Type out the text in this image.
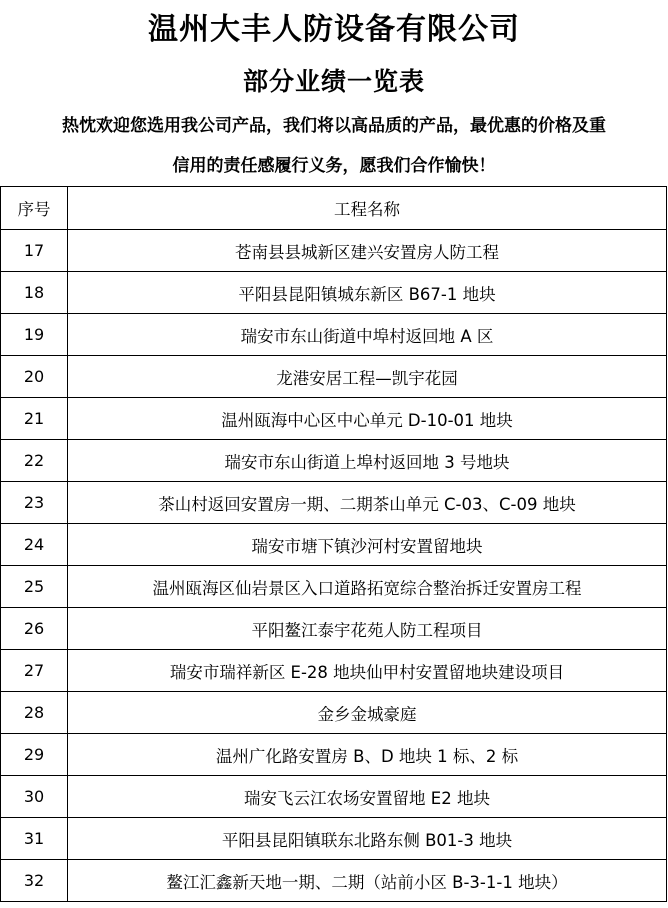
温州大丰人防设备有限公司
部分业绩一览表
热忱欢迎您选用我公司产品，我们将以高品质的产品，最优惠的价格及重
信用的责任感履行义务，愿我们合作愉快！
序号	工程名称
17	苍南县县城新区建兴安置房人防工程
18	平阳县昆阳镇城东新区 B67-1 地块
19	瑞安市东山街道中埠村返回地 A 区
20	龙港安居工程—凯宇花园
21	温州瓯海中心区中心单元 D-10-01 地块
22	瑞安市东山街道上埠村返回地 3 号地块
23	茶山村返回安置房一期、二期茶山单元 C-03、C-09 地块
24	瑞安市塘下镇沙河村安置留地块
25	温州瓯海区仙岩景区入口道路拓宽综合整治拆迁安置房工程
26	平阳鳌江泰宇花苑人防工程项目
27	瑞安市瑞祥新区 E-28 地块仙甲村安置留地块建设项目
28	金乡金城豪庭
29	温州广化路安置房 B、D 地块 1 标、2 标
30	瑞安飞云江农场安置留地 E2 地块
31	平阳县昆阳镇联东北路东侧 B01-3 地块
32	鳌江汇鑫新天地一期、二期（站前小区 B-3-1-1 地块）
